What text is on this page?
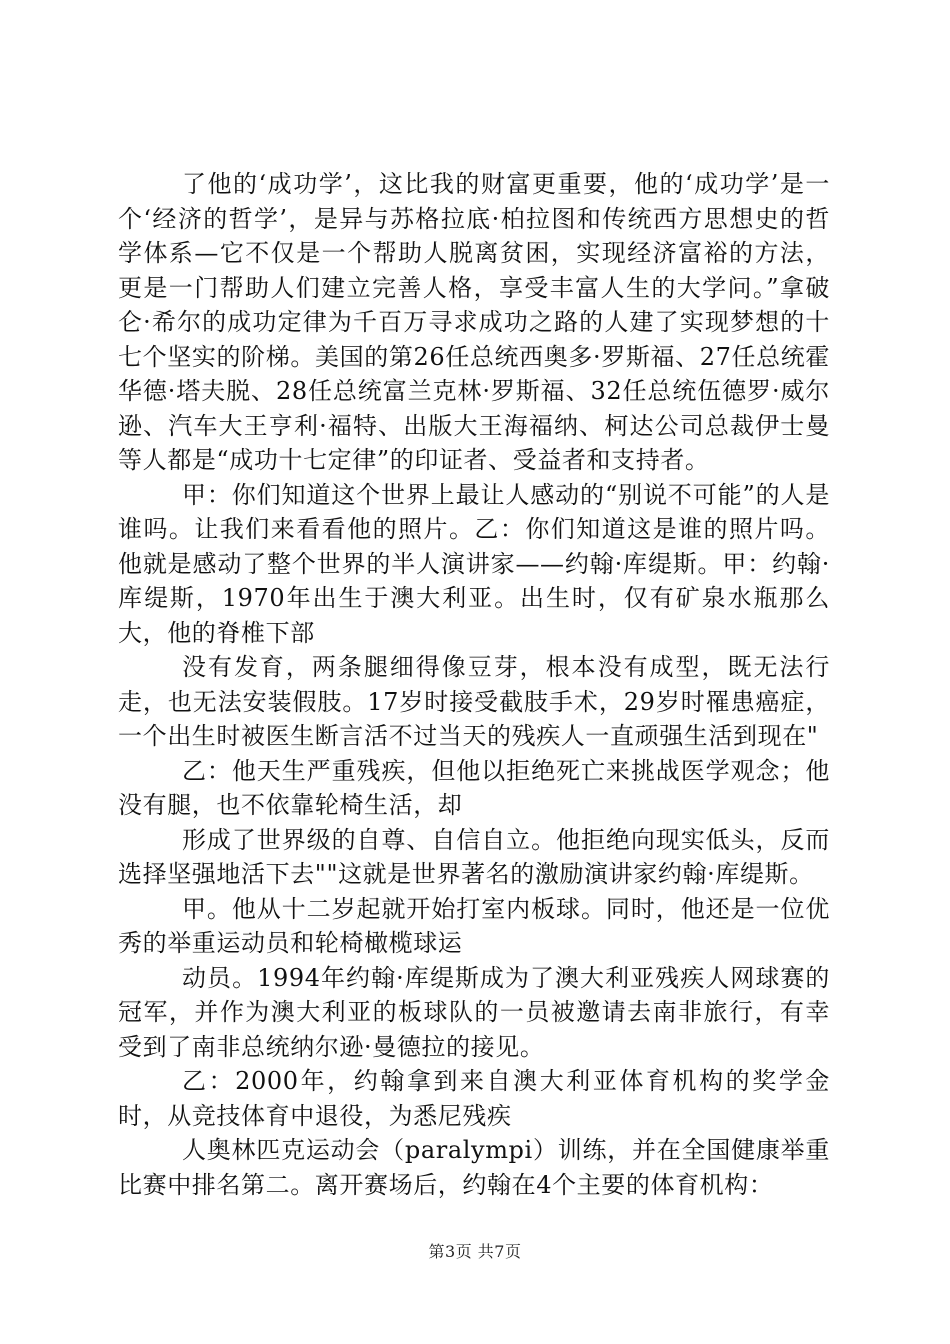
了他的‘成功学’，这比我的财富更重要，他的‘成功学’是一个‘经济的哲学’，是异与苏格拉底·柏拉图和传统西方思想史的哲学体系—它不仅是一个帮助人脱离贫困，实现经济富裕的方法，更是一门帮助人们建立完善人格，享受丰富人生的大学问。”拿破仑·希尔的成功定律为千百万寻求成功之路的人建了实现梦想的十七个坚实的阶梯。美国的第26任总统西奥多·罗斯福、27任总统霍华德·塔夫脱、28任总统富兰克林·罗斯福、32任总统伍德罗·威尔逊、汽车大王亨利·福特、出版大王海福纳、柯达公司总裁伊士曼等人都是“成功十七定律”的印证者、受益者和支持者。

甲：你们知道这个世界上最让人感动的“别说不可能”的人是谁吗。让我们来看看他的照片。乙：你们知道这是谁的照片吗。他就是感动了整个世界的半人演讲家——约翰·库缇斯。甲：约翰·库缇斯，1970年出生于澳大利亚。出生时，仅有矿泉水瓶那么大，他的脊椎下部

没有发育，两条腿细得像豆芽，根本没有成型，既无法行走，也无法安装假肢。17岁时接受截肢手术，29岁时罹患癌症，一个出生时被医生断言活不过当天的残疾人一直顽强生活到现在"

乙：他天生严重残疾，但他以拒绝死亡来挑战医学观念；他没有腿，也不依靠轮椅生活，却

形成了世界级的自尊、自信自立。他拒绝向现实低头，反而选择坚强地活下去""这就是世界著名的激励演讲家约翰·库缇斯。

甲。他从十二岁起就开始打室内板球。同时，他还是一位优秀的举重运动员和轮椅橄榄球运

动员。1994年约翰·库缇斯成为了澳大利亚残疾人网球赛的冠军，并作为澳大利亚的板球队的一员被邀请去南非旅行，有幸受到了南非总统纳尔逊·曼德拉的接见。

乙：2000年，约翰拿到来自澳大利亚体育机构的奖学金时，从竞技体育中退役，为悉尼残疾

人奥林匹克运动会（paralympi）训练，并在全国健康举重比赛中排名第二。离开赛场后，约翰在4个主要的体育机构：

第3页 共7页
